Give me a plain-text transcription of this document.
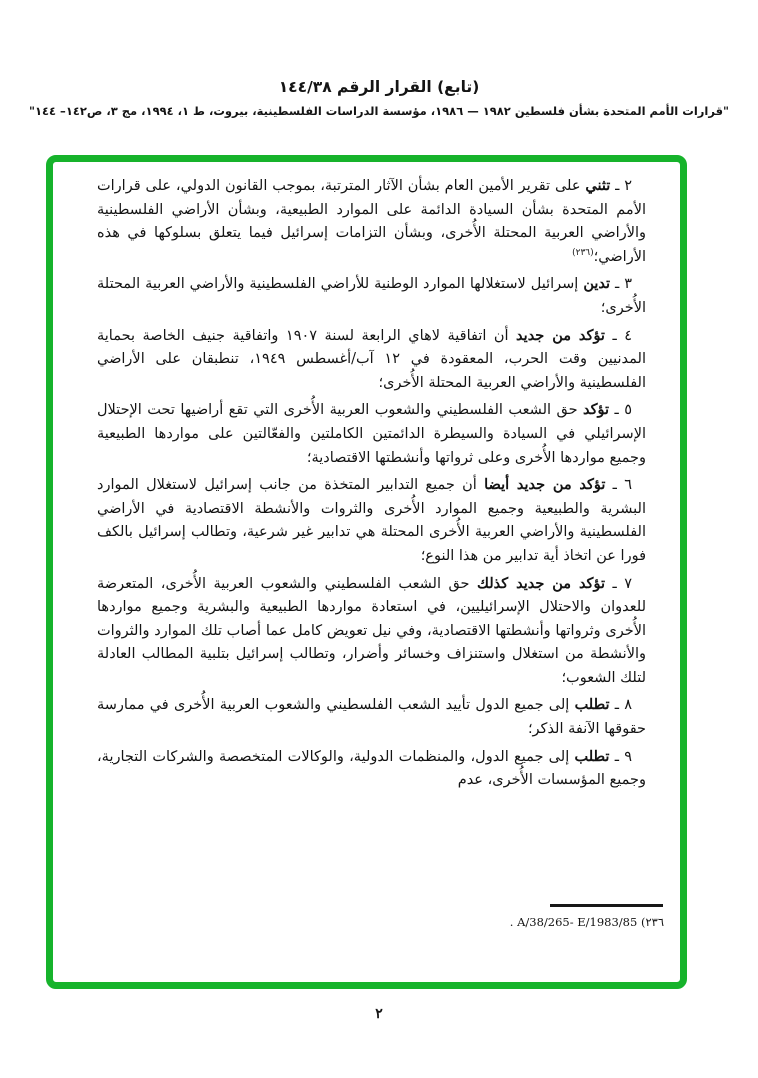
(تابع) القرار الرقم ١٤٤/٣٨
"قرارات الأمم المتحدة بشأن فلسطين ١٩٨٢ — ١٩٨٦، مؤسسة الدراسات الفلسطينية، بيروت، ط ١، ١٩٩٤، مج ٣، ص١٤٢– ١٤٤"

٢ ـ تثني على تقرير الأمين العام بشأن الآثار المترتبة، بموجب القانون الدولي، على قرارات الأمم المتحدة بشأن السيادة الدائمة على الموارد الطبيعية، وبشأن الأراضي الفلسطينية والأراضي العربية المحتلة الأُخرى، وبشأن التزامات إسرائيل فيما يتعلق بسلوكها في هذه الأراضي؛$^{(٢٣٦)}$

٣ ـ تدين إسرائيل لاستغلالها الموارد الوطنية للأراضي الفلسطينية والأراضي العربية المحتلة الأُخرى؛

٤ ـ تؤكد من جديد أن اتفاقية لاهاي الرابعة لسنة ١٩٠٧ واتفاقية جنيف الخاصة بحماية المدنيين وقت الحرب، المعقودة في ١٢ آب/أغسطس ١٩٤٩، تنطبقان على الأراضي الفلسطينية والأراضي العربية المحتلة الأُخرى؛

٥ ـ تؤكد حق الشعب الفلسطيني والشعوب العربية الأُخرى التي تقع أراضيها تحت الإحتلال الإسرائيلي في السيادة والسيطرة الدائمتين الكاملتين والفعّالتين على مواردها الطبيعية وجميع مواردها الأُخرى وعلى ثرواتها وأنشطتها الاقتصادية؛

٦ ـ تؤكد من جديد أيضا أن جميع التدابير المتخذة من جانب إسرائيل لاستغلال الموارد البشرية والطبيعية وجميع الموارد الأُخرى والثروات والأنشطة الاقتصادية في الأراضي الفلسطينية والأراضي العربية الأُخرى المحتلة هي تدابير غير شرعية، وتطالب إسرائيل بالكف فورا عن اتخاذ أية تدابير من هذا النوع؛

٧ ـ تؤكد من جديد كذلك حق الشعب الفلسطيني والشعوب العربية الأُخرى، المتعرضة للعدوان والاحتلال الإسرائيليين، في استعادة مواردها الطبيعية والبشرية وجميع مواردها الأُخرى وثرواتها وأنشطتها الاقتصادية، وفي نيل تعويض كامل عما أصاب تلك الموارد والثروات والأنشطة من استغلال واستنزاف وخسائر وأضرار، وتطالب إسرائيل بتلبية المطالب العادلة لتلك الشعوب؛

٨ ـ تطلب إلى جميع الدول تأييد الشعب الفلسطيني والشعوب العربية الأُخرى في ممارسة حقوقها الآنفة الذكر؛

٩ ـ تطلب إلى جميع الدول، والمنظمات الدولية، والوكالات المتخصصة والشركات التجارية، وجميع المؤسسات الأُخرى، عدم

. A/38/265- E/1983/85 (٢٣٦
٢
